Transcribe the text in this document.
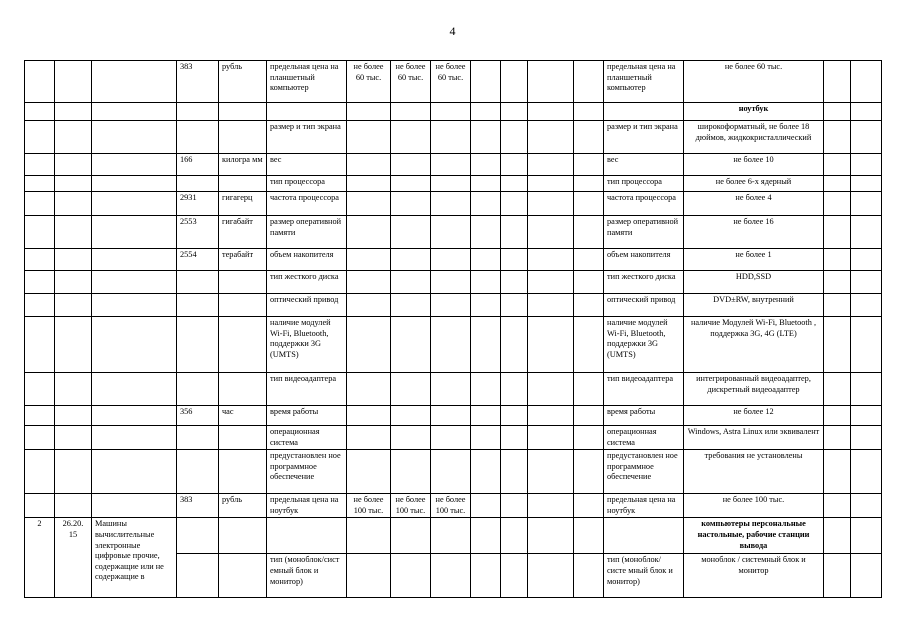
4
			383	рубль	предельная цена на планшетный компьютер	не более 60 тыс.	не более 60 тыс.	не более 60 тыс.					предельная цена на планшетный компьютер	не более 60 тыс.		
														ноутбук		
					размер и тип экрана								размер и тип экрана	широкоформатный, не более 18 дюймов, жидкокристаллический		
			166	килогра мм	вес								вес	не более 10		
					тип процессора								тип процессора	не более 6-х ядерный		
			2931	гигагерц	частота процессора								частота процессора	не более 4		
			2553	гигабайт	размер оперативной памяти								размер оперативной памяти	не более 16		
			2554	терабайт	объем накопителя								объем накопителя	не более 1		
					тип жесткого диска								тип жесткого диска	HDD,SSD		
					оптический привод								оптический привод	DVD±RW, внутренний		
					наличие модулей Wi-Fi, Bluetooth, поддержки 3G (UMTS)								наличие модулей Wi-Fi, Bluetooth, поддержки 3G (UMTS)	наличие Модулей Wi-Fi, Bluetooth , поддержка 3G, 4G (LTE)		
					тип видеоадаптера								тип видеоадаптера	интегрированный видеоадаптер, дискретный видеоадаптер		
			356	час	время работы								время работы	не более 12		
					операционная система								операционная система	Windows, Astra Linux или эквивалент		
					предустановлен ное программное обеспечение								предустановлен ное программное обеспечение	требования не установлены		
			383	рубль	предельная цена на ноутбук	не более 100 тыс.	не более 100 тыс.	не более 100 тыс.					предельная цена на ноутбук	не более 100 тыс.		
2	26.20. 15	Машины вычислительные электронные цифровые прочие, содержащие или не содержащие в												компьютеры персональные настольные, рабочие станции вывода		
					тип (моноблок/сист емный блок и монитор)								тип (моноблок/систе мный блок и монитор)	моноблок / системный блок и монитор		
